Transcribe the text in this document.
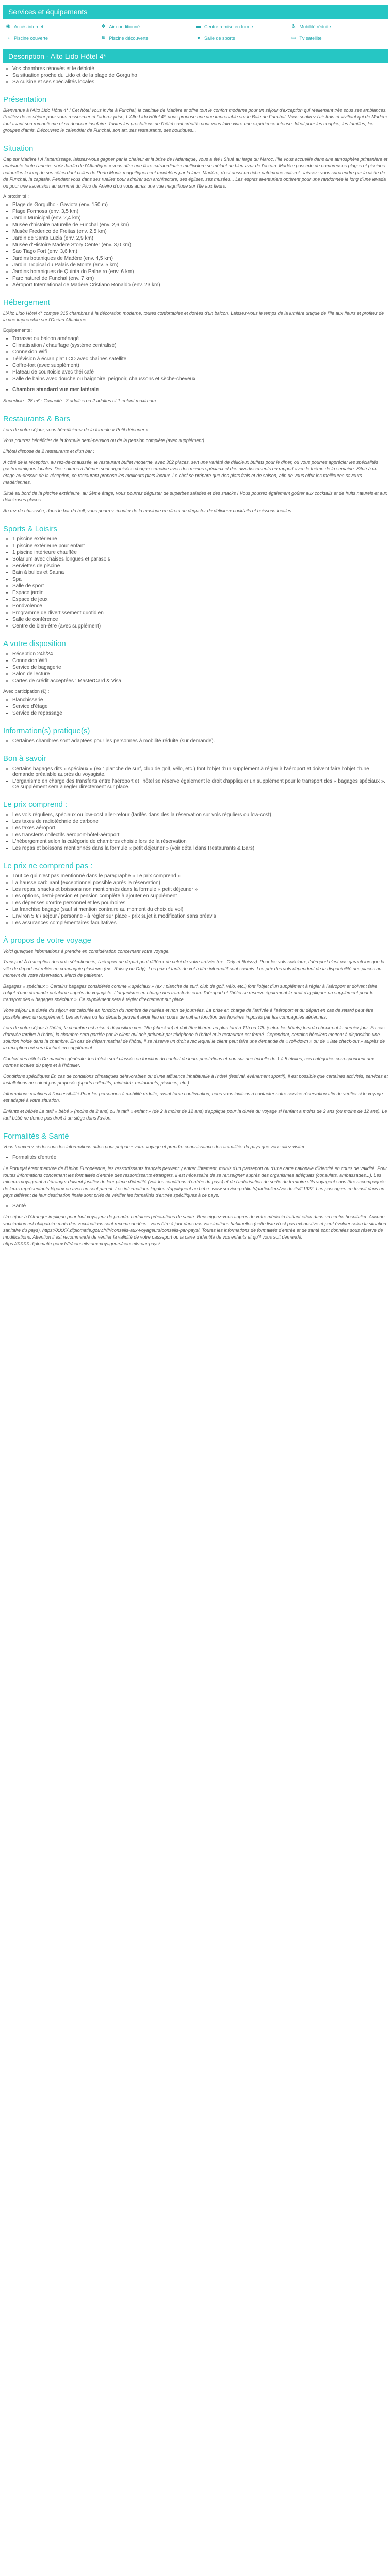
Services et équipements
◉ Accès internet	✻ Air conditionné	▬ Centre remise en forme	♿ Mobilité réduite
≈ Piscine couverte	≋ Piscine découverte	● Salle de sports	▭ Tv satellite
Description - Alto Lido Hôtel 4*
• Vos chambres rénovés et le débloté
• Sa situation proche du Lido et de la plage de Gorgulho
• Sa cuisine et ses spécialités locales
Présentation

Bienvenue à l'Alto Lido Hôtel 4* ! Cet hôtel vous invite à Funchal, la capitale de Madère et offre tout le confort moderne pour un séjour d'exception qui réellement très sous ses ambiances. Profitez de ce séjour pour vous ressourcer et l'adorer prise, L'Alto Lido Hôtel 4*, vous propose une vue imprenable sur le Baie de Funchal. Vous sentirez l'air frais et vivifiant qui de Madère tout avant son romantisme et sa douceur insulaire. Toutes les prestations de l'hôtel sont créatifs pour vous faire vivre une expérience intense. Idéal pour les couples, les familles, les groupes d'amis. Découvrez le calendrier de Funchal, son art, ses restaurants, ses boutiques...

Situation

Cap sur Madère ! À l'atterrissage, laissez-vous gagner par la chaleur et la brise de l'Atlantique, vous a été ! Situé au large du Maroc, l'île vous accueille dans une atmosphère printanière et apaisante toute l'année. <br> Jardin de l'Atlantique » vous offre une flore extraordinaire multicolore se mêlant au bleu azur de l'océan. Madère possède de nombreuses plages et piscines naturelles le long de ses côtes dont celles de Porto Moniz magnifiquement modelées par la lave. Madère, c'est aussi un riche patrimoine culturel : laissez- vous surprendre par la visite de de Funchal, la capitale. Pendant vous dans ses ruelles pour admirer son architecture, ses églises, ses musées... Les esprits aventuriers optèrent pour une randonnée le long d'une levada ou pour une ascension au sommet du Pico de Arieiro d'où vous aurez une vue magnifique sur l'île aux fleurs.

À proximité :
• Plage de Gorgulho - Gaviota (env. 150 m)
• Plage Formosa (env. 3,5 km)
• Jardin Municipal (env. 2,4 km)
• Musée d'histoire naturelle de Funchal (env. 2,6 km)
• Musée Frederico de Freitas (env. 2,5 km)
• Jardin de Santa Luzia (env. 2,9 km)
• Musée d'Histoire Madère Story Center (env. 3,0 km)
• Sao Tiago Fort (env. 3,6 km)
• Jardins botaniques de Madère (env. 4,5 km)
• Jardin Tropical du Palais de Monte (env. 5 km)
• Jardins botaniques de Quinta do Palheiro (env. 6 km)
• Parc naturel de Funchal (env. 7 km)
• Aéroport International de Madère Cristiano Ronaldo (env. 23 km)
Hébergement

L'Alto Lido Hôtel 4* compte 315 chambres à la décoration moderne, toutes confortables et dotées d'un balcon. Laissez-vous le temps de la lumière unique de l'île aux fleurs et profitez de la vue imprenable sur l'Océan Atlantique.

Équipements :
• Terrasse ou balcon aménagé
• Climatisation / chauffage (système centralisé)
• Connexion Wifi
• Télévision à écran plat LCD avec chaînes satellite
• Coffre-fort (avec supplément)
• Plateau de courtoisie avec théi café
• Salle de bains avec douche ou baignoire, peignoir, chaussons et sèche-cheveux
• Chambre standard vue mer latérale

Superficie : 28 m² - Capacité : 3 adultes ou 2 adultes et 1 enfant maximum

Restaurants & Bars

Lors de votre séjour, vous bénéficierez de la formule « Petit déjeuner ».

Vous pourrez bénéficier de la formule demi-pension ou de la pension complète (avec supplément).

L'hôtel dispose de 2 restaurants et d'un bar :

À côté de la réception, au rez-de-chaussée, le restaurant buffet moderne, avec 302 places, sert une variété de délicieux buffets pour le dîner, où vous pourrez apprécier les spécialités gastronomiques locales. Des soirées à thèmes sont organisées chaque semaine avec des menus spéciaux et des divertissements en rapport avec le thème de la semaine. Situé à un étage au-dessus de la réception, ce restaurant propose les meilleurs plats locaux. Le chef se prépare que des plats frais et de saison, afin de vous offrir les meilleures saveurs madériennes.

Situé au bord de la piscine extérieure, au 3ème étage, vous pourrez déguster de superbes salades et des snacks ! Vous pourrez également goûter aux cocktails et de fruits naturels et aux délicieuses glaces.

Au rez de chaussée, dans le bar du hall, vous pourrez écouter de la musique en direct ou déguster de délicieux cocktails et boissons locales.

Sports & Loisirs
• 1 piscine extérieure
• 1 piscine extérieure pour enfant
• 1 piscine intérieure chauffée
• Solarium avec chaises longues et parasols
• Serviettes de piscine
• Bain à bulles et Sauna
• Spa
• Salle de sport
• Espace jardin
• Espace de jeux
• Pondvolence
• Programme de divertissement quotidien
• Salle de conférence
• Centre de bien-être (avec supplément)
A votre disposition
• Réception 24h/24
• Connexion Wifi
• Service de bagagerie
• Salon de lecture
• Cartes de crédit acceptées : MasterCard & Visa
Avec participation (€) :
• Blanchisserie
• Service d'étage
• Service de repassage
Information(s) pratique(s)
• Certaines chambres sont adaptées pour les personnes à mobilité réduite (sur demande).
Bon à savoir
• Certains bagages dits « spéciaux » (ex : planche de surf, club de golf, vélo, etc.) font l'objet d'un supplément à régler à l'aéroport et doivent faire l'objet d'une demande préalable auprès du voyagiste.
• L'organisme en charge des transferts entre l'aéroport et l'hôtel se réserve également le droit d'appliquer un supplément pour le transport des « bagages spéciaux ». Ce supplément sera à régler directement sur place.
Le prix comprend :
• Les vols réguliers, spéciaux ou low-cost aller-retour (tarifés dans des la réservation sur vols réguliers ou low-cost)
• Les taxes de radiotéchnie de carbone
• Les taxes aéroport
• Les transferts collectifs aéroport-hôtel-aéroport
• L'hébergement selon la catégorie de chambres choisie lors de la réservation
• Les repas et boissons mentionnés dans la formule « petit déjeuner » (voir détail dans Restaurants & Bars)
Le prix ne comprend pas :
• Tout ce qui n'est pas mentionné dans le paragraphe « Le prix comprend »
• La hausse carburant (exceptionnel possible après la réservation)
• Les repas, snacks et boissons non mentionnés dans la formule « petit déjeuner »
• Les options, demi-pension et pension complète à ajouter en supplément
• Les dépenses d'ordre personnel et les pourboires
• La franchise bagage (sauf si mention contraire au moment du choix du vol)
• Environ 5 € / séjour / personne - à régler sur place - prix sujet à modification sans préavis
• Les assurances complémentaires facultatives
À propos de votre voyage

Voici quelques informations à prendre en considération concernant votre voyage.

Transport À l'exception des vols sélectionnés, l'aéroport de départ peut différer de celui de votre arrivée (ex : Orly et Roissy). Pour les vols spéciaux, l'aéroport n'est pas garanti lorsque la ville de départ est reliée en compagnie plusieurs (ex : Roissy ou Orly). Les prix et tarifs de vol à titre informatif sont soumis. Les prix des vols dépendent de la disponibilité des places au moment de votre réservation. Merci de patienter.

Bagages « spéciaux » Certains bagages considérés comme « spéciaux » (ex : planche de surf, club de golf, vélo, etc.) font l'objet d'un supplément à régler à l'aéroport et doivent faire l'objet d'une demande préalable auprès du voyagiste. L'organisme en charge des transferts entre l'aéroport et l'hôtel se réserve également le droit d'appliquer un supplément pour le transport des « bagages spéciaux ». Ce supplément sera à régler directement sur place.

Votre séjour La durée du séjour est calculée en fonction du nombre de nuitées et non de journées. La prise en charge de l'arrivée à l'aéroport et du départ en cas de retard peut être possible avec un supplément. Les arrivées ou les départs peuvent avoir lieu en cours de nuit en fonction des horaires imposés par les compagnies aériennes.

Lors de votre séjour à l'hôtel, la chambre est mise à disposition vers 15h (check-in) et doit être libérée au plus tard à 11h ou 12h (selon les hôtels) lors du check-out le dernier jour. En cas d'arrivée tardive à l'hôtel, la chambre sera gardée par le client qui doit prévenir par téléphone à l'hôtel et le restaurant est fermé. Cependant, certains hôteliers mettent à disposition une solution froide dans la chambre. En cas de départ matinal de l'hôtel, il se réserve un droit avec lequel le client peut faire une demande de « roll-down » ou de « late check-out » auprès de la réception qui sera facturé en supplément.

Confort des hôtels De manière générale, les hôtels sont classés en fonction du confort de leurs prestations et non sur une échelle de 1 à 5 étoiles, ces catégories correspondent aux normes locales du pays et à l'hôtelier.

Conditions spécifiques En cas de conditions climatiques défavorables ou d'une affluence inhabituelle à l'hôtel (festival, événement sportif), il est possible que certaines activités, services et installations ne soient pas proposés (sports collectifs, mini-club, restaurants, piscines, etc.).

Informations relatives à l'accessibilité Pour les personnes à mobilité réduite, avant toute confirmation, nous vous invitons à contacter notre service réservation afin de vérifier si le voyage est adapté à votre situation.

Enfants et bébés Le tarif « bébé » (moins de 2 ans) ou le tarif « enfant » (de 2 à moins de 12 ans) s'applique pour la durée du voyage si l'enfant a moins de 2 ans (ou moins de 12 ans). Le tarif bébé ne donne pas droit à un siège dans l'avion.

Formalités & Santé

Vous trouverez ci-dessous les informations utiles pour préparer votre voyage et prendre connaissance des actualités du pays que vous allez visiter.

• Formalités d'entrée

Le Portugal étant membre de l'Union Européenne, les ressortissants français peuvent y entrer librement, munis d'un passeport ou d'une carte nationale d'identité en cours de validité. Pour toutes informations concernant les formalités d'entrée des ressortissants étrangers, il est nécessaire de se renseigner auprès des organismes adéquats (consulats, ambassades...). Les mineurs voyageant à l'étranger doivent justifier de leur pièce d'identité (voir les conditions d'entrée du pays) et de l'autorisation de sortie du territoire s'ils voyagent sans être accompagnés de leurs représentants légaux ou avec un seul parent. Les informations légales s'appliquent au bébé. www.service-public.fr/particuliers/vosdroits/F1922. Les passagers en transit dans un pays différent de leur destination finale sont priés de vérifier les formalités d'entrée spécifiques à ce pays.

• Santé

Un séjour à l'étranger implique pour tout voyageur de prendre certaines précautions de santé. Renseignez-vous auprès de votre médecin traitant et/ou dans un centre hospitalier. Aucune vaccination est obligatoire mais des vaccinations sont recommandées : vous être à jour dans vos vaccinations habituelles (cette liste n'est pas exhaustive et peut évoluer selon la situation sanitaire du pays). https://XXXX.diplomatie.gouv.fr/fr/conseils-aux-voyageurs/conseils-par-pays/. Toutes les informations de formalités d'entrée et de santé sont données sous réserve de modifications. Attention il est recommandé de vérifier la validité de votre passeport ou la carte d'identité de vos enfants et qu'il vous soit demandé. https://XXXX.diplomatie.gouv.fr/fr/conseils-aux-voyageurs/conseils-par-pays/
